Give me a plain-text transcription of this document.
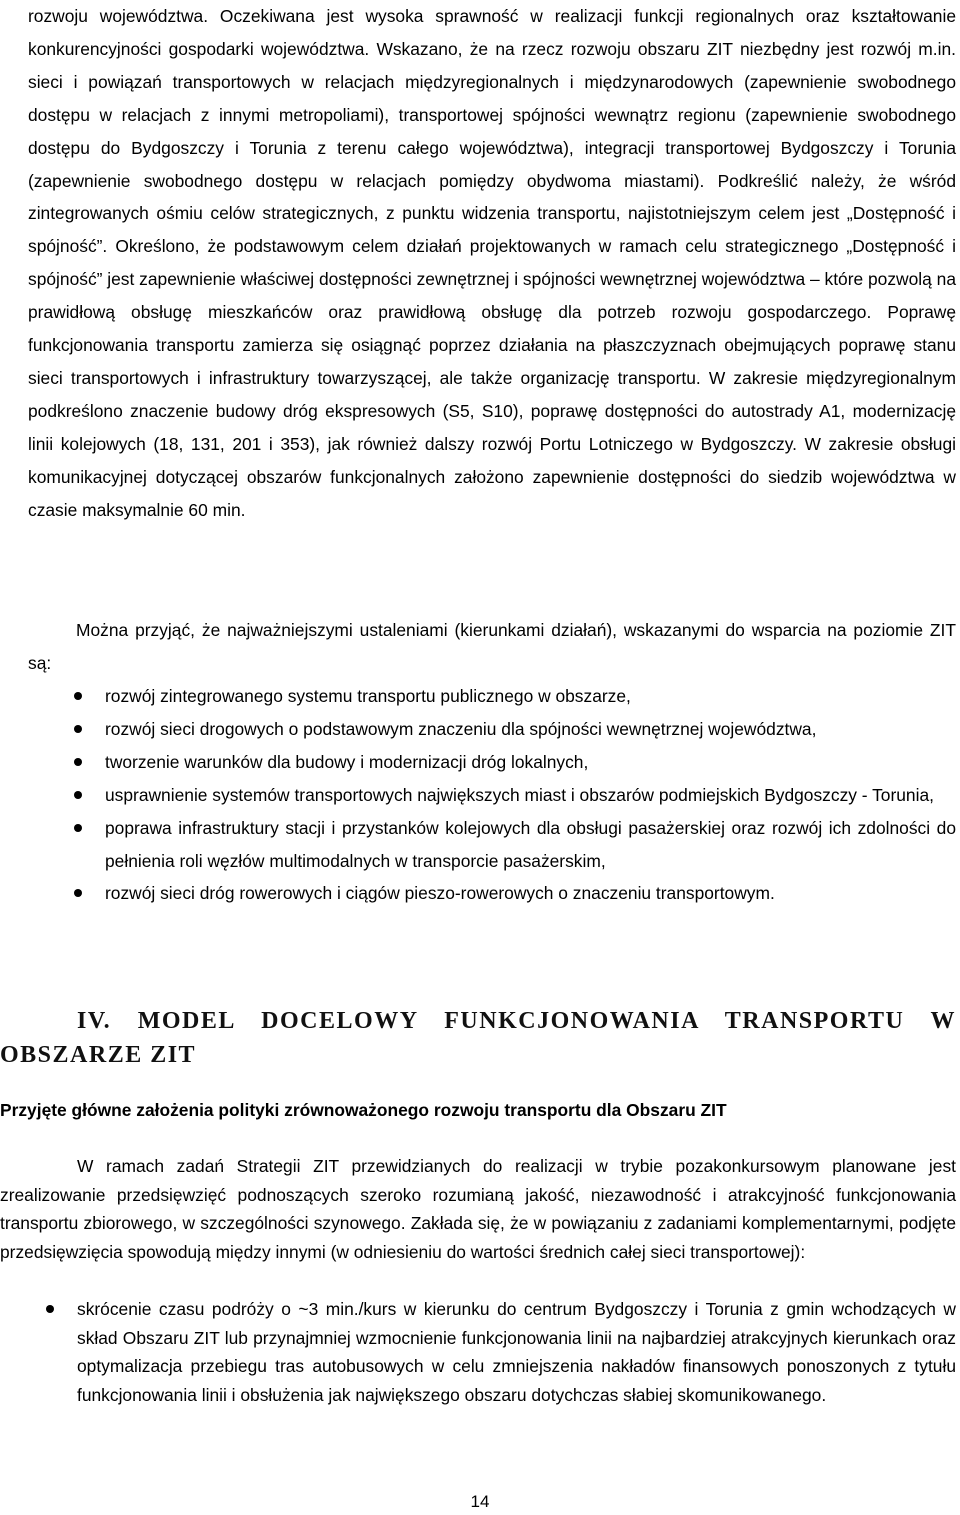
rozwoju województwa. Oczekiwana jest wysoka sprawność w realizacji funkcji regionalnych oraz kształtowanie konkurencyjności gospodarki województwa. Wskazano, że na rzecz rozwoju obszaru ZIT niezbędny jest rozwój m.in. sieci i powiązań transportowych w relacjach międzyregionalnych i międzynarodowych (zapewnienie swobodnego dostępu w relacjach z innymi metropoliami), transportowej spójności wewnątrz regionu (zapewnienie swobodnego dostępu do Bydgoszczy i Torunia z terenu całego województwa), integracji transportowej Bydgoszczy i Torunia (zapewnienie swobodnego dostępu w relacjach pomiędzy obydwoma miastami). Podkreślić należy, że wśród zintegrowanych ośmiu celów strategicznych, z punktu widzenia transportu, najistotniejszym celem jest „Dostępność i spójność”. Określono, że podstawowym celem działań projektowanych w ramach celu strategicznego „Dostępność i spójność” jest zapewnienie właściwej dostępności zewnętrznej i spójności wewnętrznej województwa – które pozwolą na prawidłową obsługę mieszkańców oraz prawidłową obsługę dla potrzeb rozwoju gospodarczego. Poprawę funkcjonowania transportu zamierza się osiągnąć poprzez działania na płaszczyznach obejmujących poprawę stanu sieci transportowych i infrastruktury towarzyszącej, ale także organizację transportu. W zakresie międzyregionalnym podkreślono znaczenie budowy dróg ekspresowych (S5, S10), poprawę dostępności do autostrady A1, modernizację linii kolejowych (18, 131, 201 i 353), jak również dalszy rozwój Portu Lotniczego w Bydgoszczy. W zakresie obsługi komunikacyjnej dotyczącej obszarów funkcjonalnych założono zapewnienie dostępności do siedzib województwa w czasie maksymalnie 60 min.

Można przyjąć, że najważniejszymi ustaleniami (kierunkami działań), wskazanymi do wsparcia na poziomie ZIT są:

rozwój zintegrowanego systemu transportu publicznego w obszarze,
rozwój sieci drogowych o podstawowym znaczeniu dla spójności wewnętrznej województwa,
tworzenie warunków dla budowy i modernizacji dróg lokalnych,
usprawnienie systemów transportowych największych miast i obszarów podmiejskich Bydgoszczy - Torunia,
poprawa infrastruktury stacji i przystanków kolejowych dla obsługi pasażerskiej oraz rozwój ich zdolności do pełnienia roli węzłów multimodalnych w transporcie pasażerskim,
rozwój sieci dróg rowerowych i ciągów pieszo-rowerowych o znaczeniu transportowym.
IV. MODEL DOCELOWY FUNKCJONOWANIA TRANSPORTU W OBSZARZE ZIT
Przyjęte główne założenia polityki zrównoważonego rozwoju transportu dla Obszaru ZIT

W ramach zadań Strategii ZIT przewidzianych do realizacji w trybie pozakonkursowym planowane jest zrealizowanie przedsięwzięć podnoszących szeroko rozumianą jakość, niezawodność i atrakcyjność funkcjonowania transportu zbiorowego, w szczególności szynowego. Zakłada się, że w powiązaniu z zadaniami komplementarnymi, podjęte przedsięwzięcia spowodują między innymi (w odniesieniu do wartości średnich całej sieci transportowej):

skrócenie czasu podróży o ~3 min./kurs w kierunku do centrum Bydgoszczy i Torunia z gmin wchodzących w skład Obszaru ZIT lub przynajmniej wzmocnienie funkcjonowania linii na najbardziej atrakcyjnych kierunkach oraz optymalizacja przebiegu tras autobusowych w celu zmniejszenia nakładów finansowych ponoszonych z tytułu funkcjonowania linii i obsłużenia jak największego obszaru dotychczas słabiej skomunikowanego.

14
